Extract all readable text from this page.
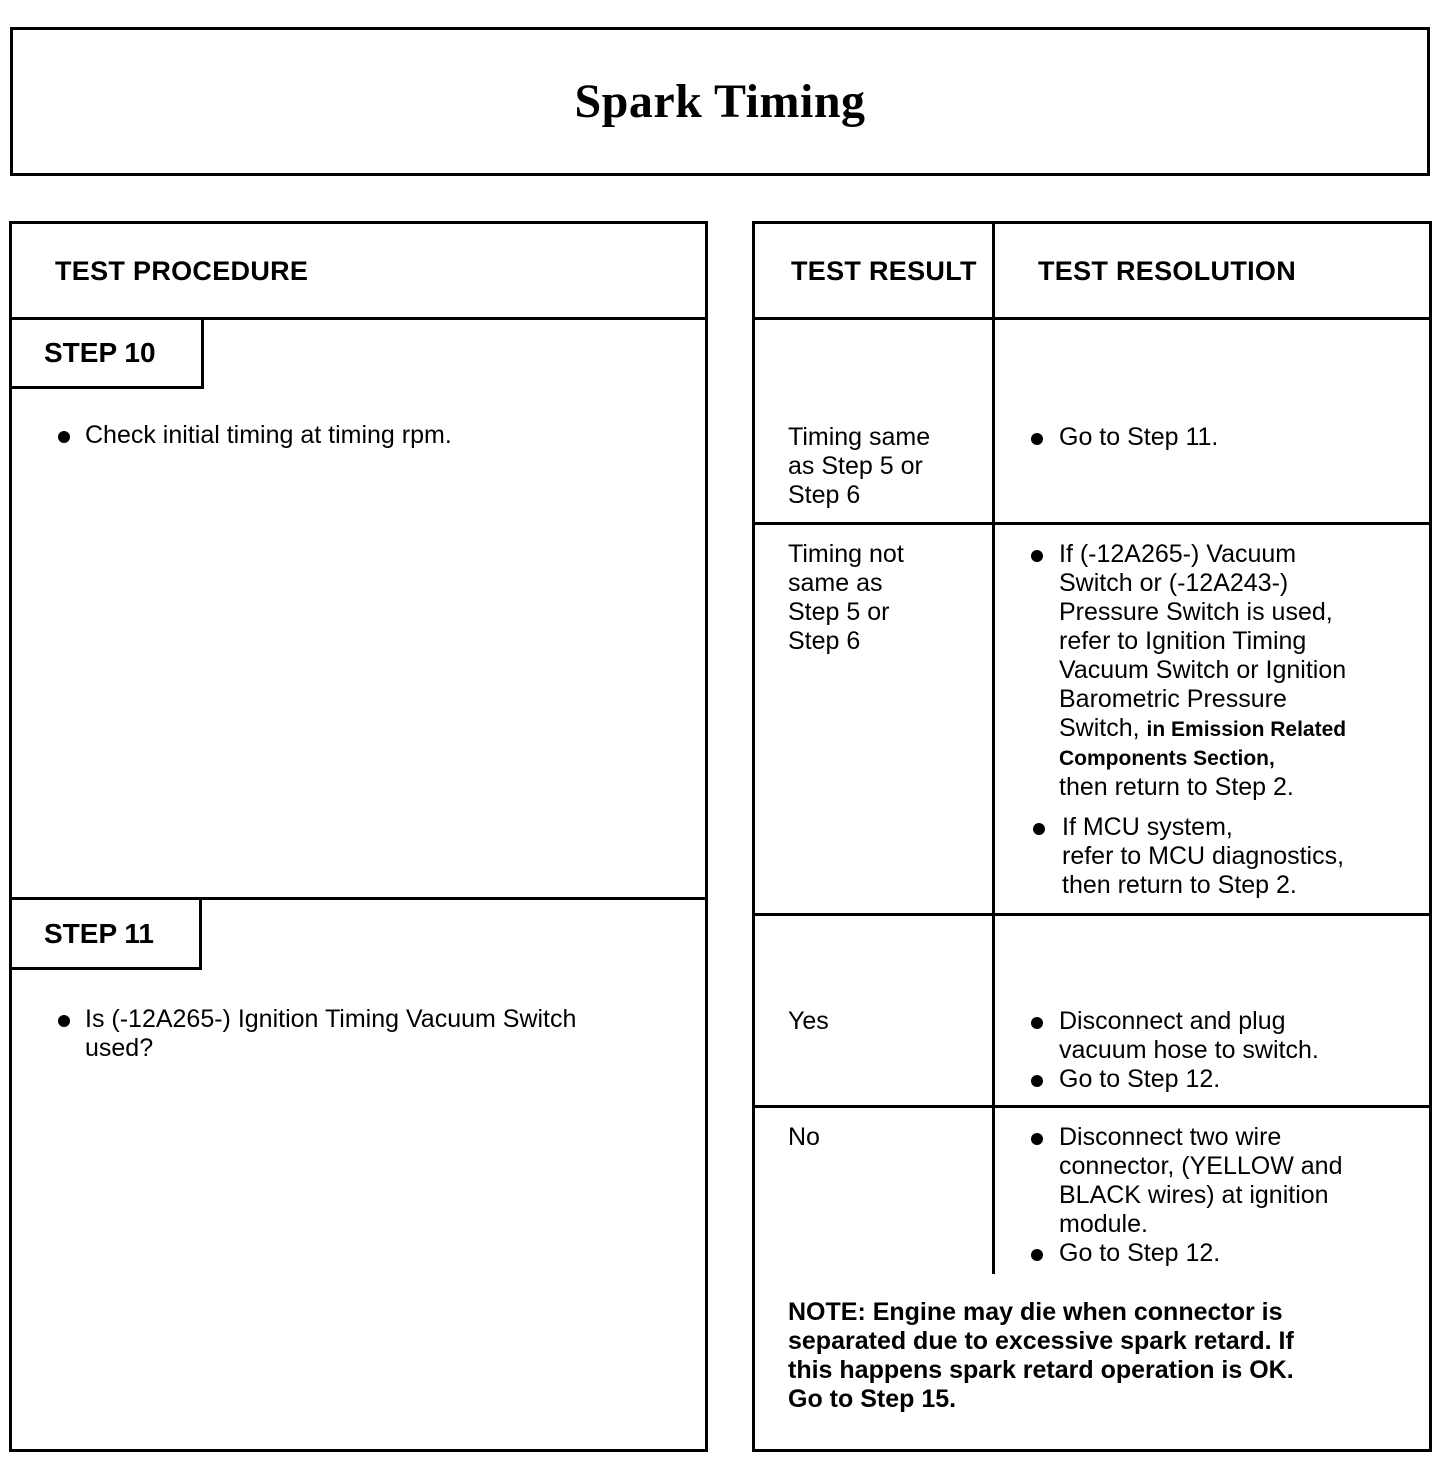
Spark Timing
TEST PROCEDURE
STEP 10
Check initial timing at timing rpm.
STEP 11
Is (-12A265-) Ignition Timing Vacuum Switch
used?
TEST RESULT TEST RESOLUTION
Timing same
as Step 5 or
Step 6
Go to Step 11.
Timing not
same as
Step 5 or
Step 6
If (-12A265-) Vacuum
Switch or (-12A243-)
Pressure Switch is used,
refer to Ignition Timing
Vacuum Switch or Ignition
Barometric Pressure
Switch, in Emission Related
Components Section,
then return to Step 2.
If MCU system,
refer to MCU diagnostics,
then return to Step 2.
Yes	Disconnect and plug
vacuum hose to switch.
Go to Step 12.
No	Disconnect two wire
connector, (YELLOW and
BLACK wires) at ignition
module.
Go to Step 12.
NOTE: Engine may die when connector is
separated due to excessive spark retard. If
this happens spark retard operation is OK.
Go to Step 15.
